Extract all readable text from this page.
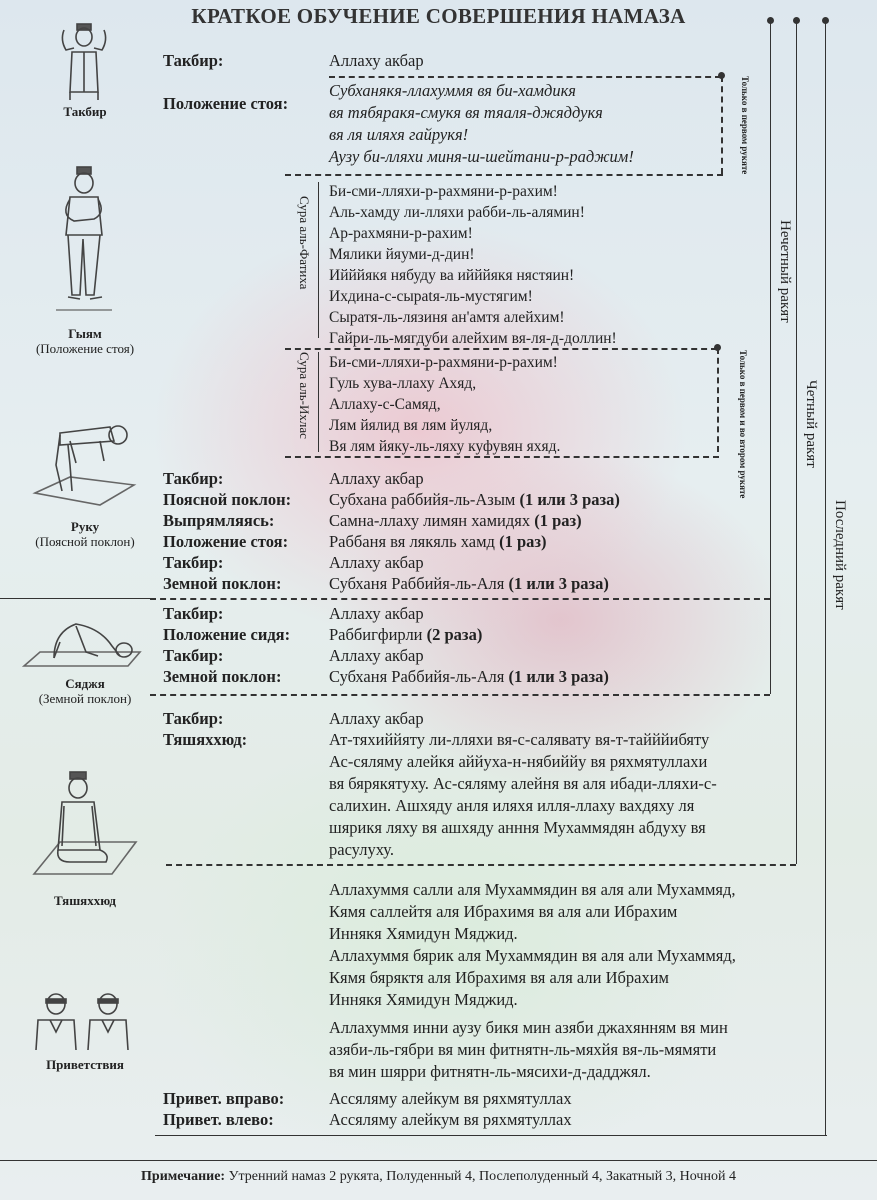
КРАТКОЕ ОБУЧЕНИЕ СОВЕРШЕНИЯ НАМАЗА
Такбир
Гыям
(Положение стоя)
Руку
(Поясной поклон)
Сяджя
(Земной поклон)
Тяшяххюд
Приветствия
Такбир:	Аллаху акбар
Положение стоя:
Субханякя-ллахуммя вя би-хамдикя
вя тябяракя-смукя вя тяаля-джяддукя
вя ля иляхя гайрукя!
Аузу би-лляхи миня-ш-шейтани-р-раджим!	Только в первом рукяте
Сура аль-Фатиха
Би-сми-лляхи-р-рахмяни-р-рахим!
Аль-хамду ли-лляхи рабби-ль-алямин!
Ар-рахмяни-р-рахим!
Мялики йяуми-д-дин!
Ийййякя нябуду ва ийййякя нястяин!
Ихдина-с-сырatя-ль-мустягим!
Сыратя-ль-лязиня ан'амтя алейхим!
Гайри-ль-мягдуби алейхим вя-ля-д-доллин!
Только в первом и во втором рукяте
Сура аль-Ихлас Би-сми-лляхи-р-рахмяни-р-рахим!
Гуль хува-ллаху Ахяд,
Аллаху-с-Самяд,
Лям йялид вя лям йуляд,
Вя лям йяку-ль-ляху куфувян яхяд.
Такбир:	Аллаху акбар
Поясной поклон: Субхана раббийя-ль-Азым (1 или 3 раза)
Выпрямляясь:	Самна-ллаху лимян хамидях (1 раз)
Положение стоя: Раббаня вя лякяль хамд (1 раз)
Такбир:	Аллаху акбар
Земной поклон:	Субханя Раббийя-ль-Аля (1 или 3 раза)
Такбир:	Аллаху акбар
Положение сидя: Раббигфирли (2 раза)
Такбир:	Аллаху акбар
Земной поклон:	Субханя Раббийя-ль-Аля (1 или 3 раза)
Такбир:	Аллаху акбар
Тяшяххюд:	Ат-тяхиййяту ли-лляхи вя-с-салявату вя-т-тайййибяту
Ас-сяляму алейкя аййуха-н-нябиййу вя ряхмятуллахи
вя бярякятуху. Ас-сяляму алейня вя аля ибади-лляхи-с-
салихин. Ашхяду анля иляхя илля-ллаху вахдяху ля
шярикя ляху вя ашхяду анння Мухаммядян абдуху вя
расулуху.
Аллахуммя салли аля Мухаммядин вя аля али Мухаммяд,
Кямя саллейтя аля Ибрахимя вя аля али Ибрахим
Иннякя Хямидун Мяджид.
Аллахуммя бярик аля Мухаммядин вя аля али Мухаммяд,
Кямя бяряктя аля Ибрахимя вя аля али Ибрахим
Иннякя Хямидун Мяджид.
Аллахуммя инни аузу бикя мин азяби джахянням вя мин
азяби-ль-гябри вя мин фитнятн-ль-мяхйя вя-ль-мямяти
вя мин шярри фитнятн-ль-мясихи-д-дадджял.
Привет. вправо:	Ассяляму алейкум вя ряхмятуллах
Привет. влево:	Ассяляму алейкум вя ряхмятуллах
Нечетный ракят
Четный ракят
Последний ракят
Примечание: Утренний намаз 2 рукята, Полуденный 4, Послеполуденный 4, Закатный 3, Ночной 4
